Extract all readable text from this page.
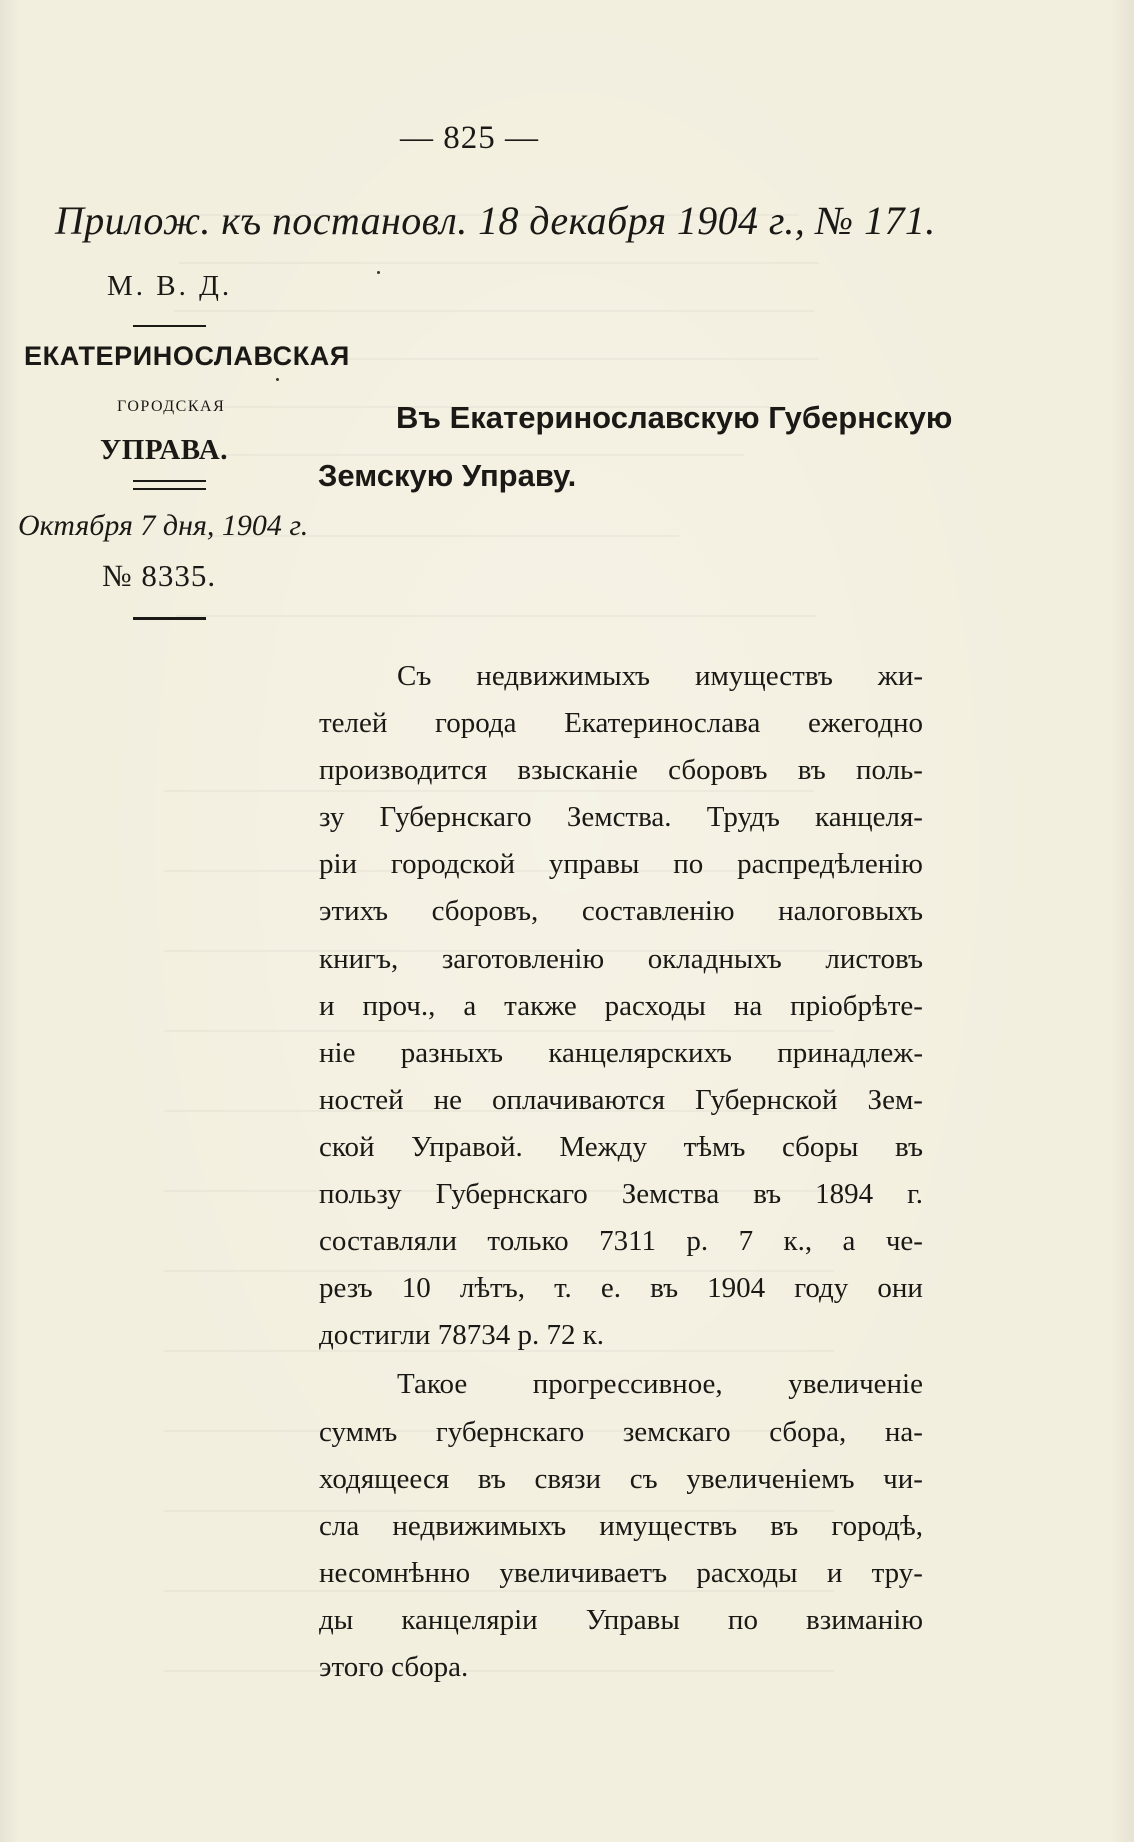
— 825 —
Прилож. къ постановл. 18 декабря 1904 г., № 171.
М. В. Д.
ЕКАТЕРИНОСЛАВСКАЯ
ГОРОДСКАЯ
УПРАВА.
Октября 7 дня, 1904 г.
№ 8335.
Въ Екатеринославскую Губернскую
Земскую Управу.
Съ недвижимыхъ имуществъ жи-
телей города Екатеринослава ежегодно
производится взысканіе сборовъ въ поль-
зу Губернскаго Земства. Трудъ канцеля-
ріи городской управы по распредѣленію
этихъ сборовъ, составленію налоговыхъ
книгъ, заготовленію окладныхъ листовъ
и проч., а также расходы на пріобрѣте-
ніе разныхъ канцелярскихъ принадлеж-
ностей не оплачиваются Губернской Зем-
ской Управой. Между тѣмъ сборы въ
пользу Губернскаго Земства въ 1894 г.
составляли только 7311 р. 7 к., а че-
резъ 10 лѣтъ, т. е. въ 1904 году они
достигли 78734 р. 72 к.
Такое прогрессивное, увеличеніе
суммъ губернскаго земскаго сбора, на-
ходящееся въ связи съ увеличеніемъ чи-
сла недвижимыхъ имуществъ въ городѣ,
несомнѣнно увеличиваетъ расходы и тру-
ды канцеляріи Управы по взиманію
этого сбора.
